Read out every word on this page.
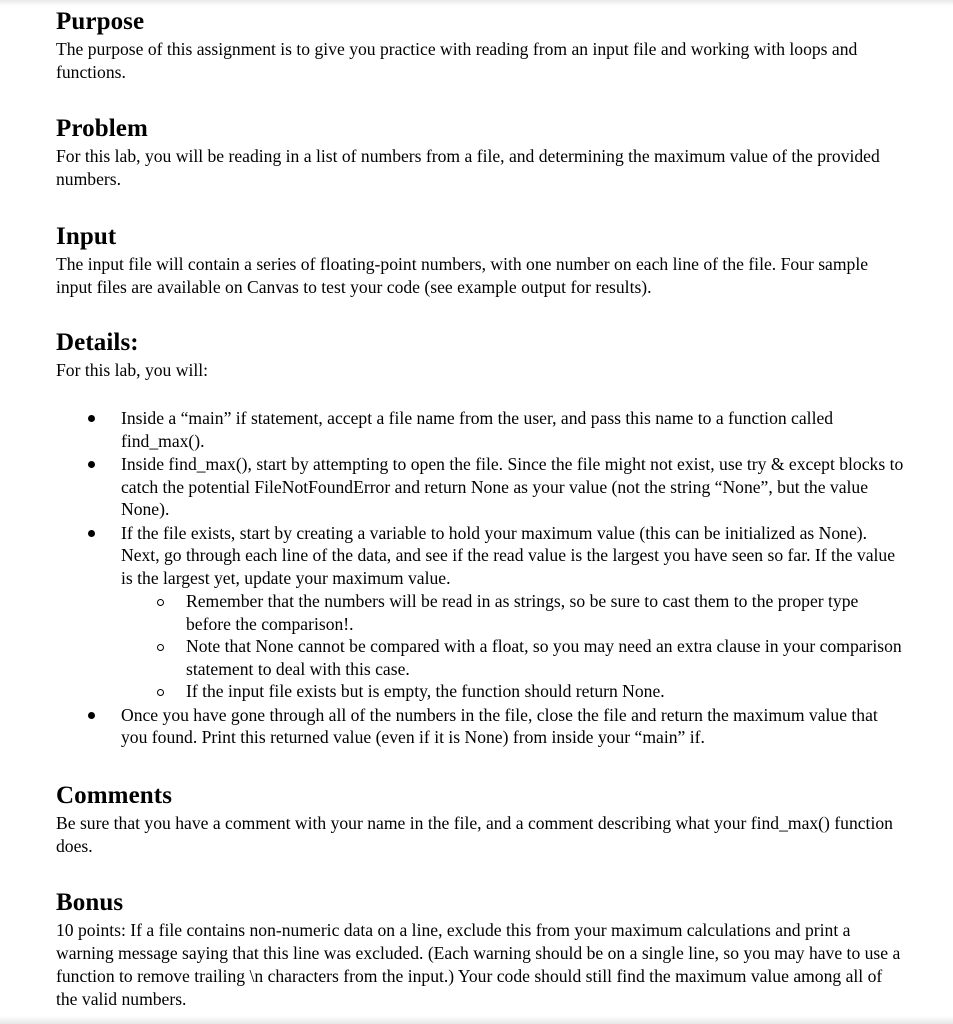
Purpose

The purpose of this assignment is to give you practice with reading from an input file and working with loops and functions.

Problem

For this lab, you will be reading in a list of numbers from a file, and determining the maximum value of the provided numbers.

Input

The input file will contain a series of floating-point numbers, with one number on each line of the file. Four sample input files are available on Canvas to test your code (see example output for results).

Details:

For this lab, you will:

Inside a “main” if statement, accept a file name from the user, and pass this name to a function called find_max().
Inside find_max(), start by attempting to open the file. Since the file might not exist, use try & except blocks to catch the potential FileNotFoundError and return None as your value (not the string “None”, but the value None).
If the file exists, start by creating a variable to hold your maximum value (this can be initialized as None). Next, go through each line of the data, and see if the read value is the largest you have seen so far. If the value is the largest yet, update your maximum value.
Remember that the numbers will be read in as strings, so be sure to cast them to the proper type before the comparison!.
Note that None cannot be compared with a float, so you may need an extra clause in your comparison statement to deal with this case.
If the input file exists but is empty, the function should return None.
Once you have gone through all of the numbers in the file, close the file and return the maximum value that you found. Print this returned value (even if it is None) from inside your “main” if.
Comments

Be sure that you have a comment with your name in the file, and a comment describing what your find_max() function does.

Bonus

10 points: If a file contains non-numeric data on a line, exclude this from your maximum calculations and print a warning message saying that this line was excluded. (Each warning should be on a single line, so you may have to use a function to remove trailing \n characters from the input.) Your code should still find the maximum value among all of the valid numbers.
